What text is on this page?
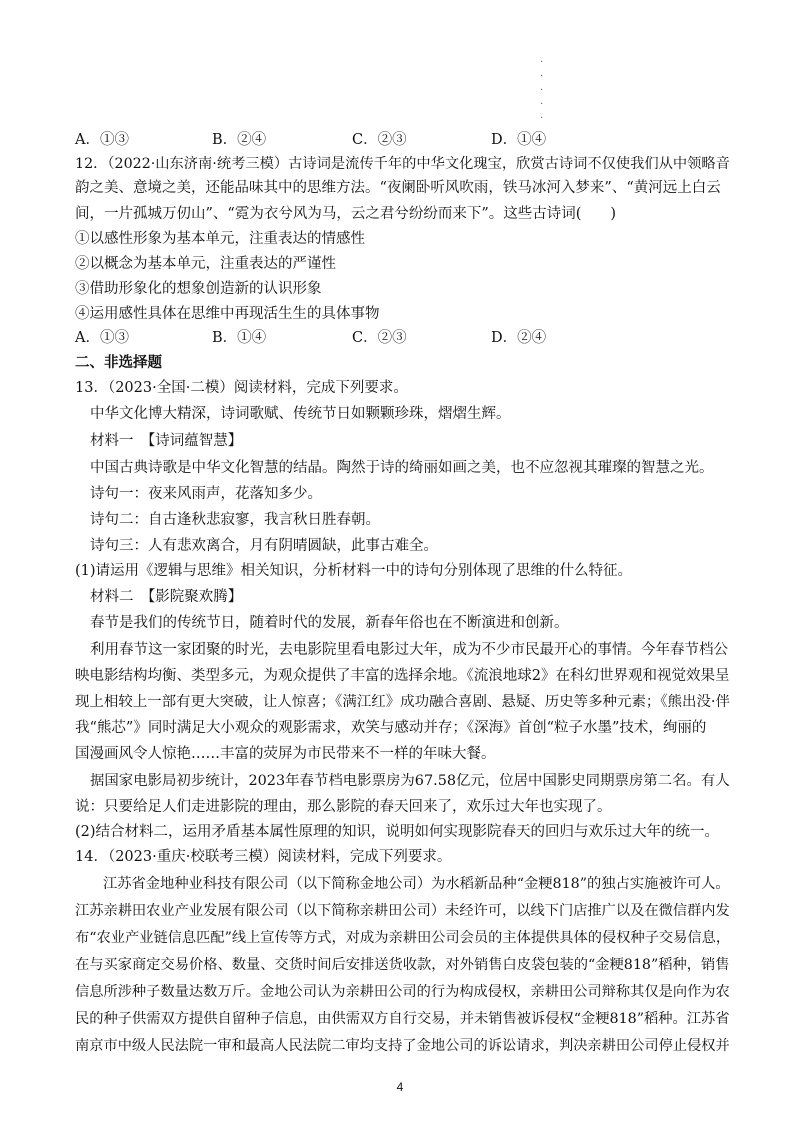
·
·
·
·
·
A．①③	B．②④	C．②③	D．①④
12．（2022·山东济南·统考三模）古诗词是流传千年的中华文化瑰宝，欣赏古诗词不仅使我们从中领略音
韵之美、意境之美，还能品味其中的思维方法。“夜阑卧听风吹雨，铁马冰河入梦来”、“黄河远上白云
间，一片孤城万仞山”、“霓为衣兮风为马，云之君兮纷纷而来下”。这些古诗词(　　)
①以感性形象为基本单元，注重表达的情感性
②以概念为基本单元，注重表达的严谨性
③借助形象化的想象创造新的认识形象
④运用感性具体在思维中再现活生生的具体事物
A．①③	B．①④	C．②③	D．②④
二、非选择题
13．（2023·全国·二模）阅读材料，完成下列要求。
中华文化博大精深，诗词歌赋、传统节日如颗颗珍珠，熠熠生辉。
材料一　【诗词蕴智慧】
中国古典诗歌是中华文化智慧的结晶。陶然于诗的绮丽如画之美，也不应忽视其璀璨的智慧之光。
诗句一：夜来风雨声，花落知多少。
诗句二：自古逢秋悲寂寥，我言秋日胜春朝。
诗句三：人有悲欢离合，月有阴晴圆缺，此事古难全。
(1)请运用《逻辑与思维》相关知识，分析材料一中的诗句分别体现了思维的什么特征。
材料二　【影院聚欢腾】
春节是我们的传统节日，随着时代的发展，新春年俗也在不断演进和创新。
利用春节这一家团聚的时光，去电影院里看电影过大年，成为不少市民最开心的事情。今年春节档公
映电影结构均衡、类型多元，为观众提供了丰富的选择余地。《流浪地球2》在科幻世界观和视觉效果呈
现上相较上一部有更大突破，让人惊喜；《满江红》成功融合喜剧、悬疑、历史等多种元素；《熊出没·伴
我“熊芯”》同时满足大小观众的观影需求，欢笑与感动并存；《深海》首创“粒子水墨”技术，绚丽的
国漫画风令人惊艳……丰富的荧屏为市民带来不一样的年味大餐。
据国家电影局初步统计，2023年春节档电影票房为67.58亿元，位居中国影史同期票房第二名。有人
说：只要给足人们走进影院的理由，那么影院的春天回来了，欢乐过大年也实现了。
(2)结合材料二，运用矛盾基本属性原理的知识，说明如何实现影院春天的回归与欢乐过大年的统一。
14．（2023·重庆·校联考三模）阅读材料，完成下列要求。
江苏省金地种业科技有限公司（以下简称金地公司）为水稻新品种“金粳818”的独占实施被许可人。
江苏亲耕田农业产业发展有限公司（以下简称亲耕田公司）未经许可，以线下门店推广以及在微信群内发
布“农业产业链信息匹配”线上宣传等方式，对成为亲耕田公司会员的主体提供具体的侵权种子交易信息，
在与买家商定交易价格、数量、交货时间后安排送货收款，对外销售白皮袋包装的“金粳818”稻种，销售
信息所涉种子数量达数万斤。金地公司认为亲耕田公司的行为构成侵权，亲耕田公司辩称其仅是向作为农
民的种子供需双方提供自留种子信息，由供需双方自行交易，并未销售被诉侵权“金粳818”稻种。江苏省
南京市中级人民法院一审和最高人民法院二审均支持了金地公司的诉讼请求，判决亲耕田公司停止侵权并
4
